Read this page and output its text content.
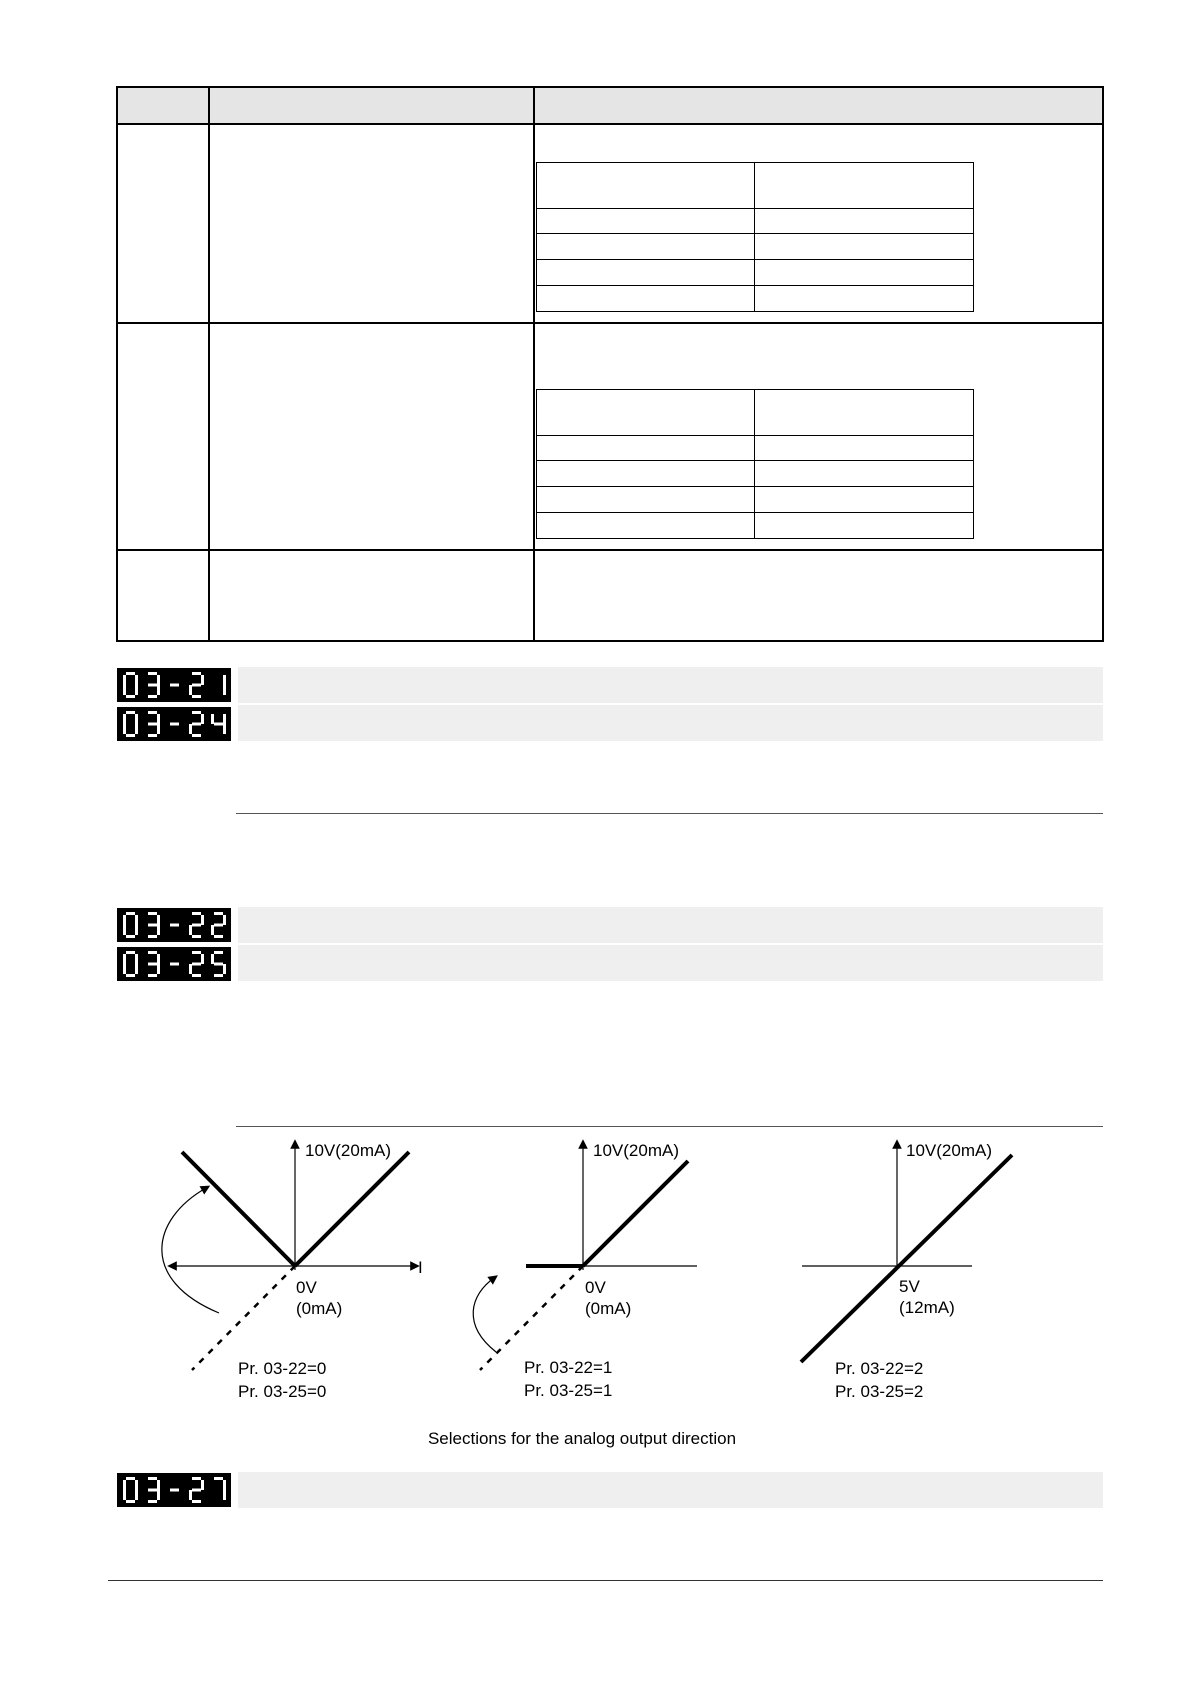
10V(20mA)
0V
(0mA)
I
Pr. 03-22=0
Pr. 03-25=0
10V(20mA)
0V
(0mA)
Pr. 03-22=1
Pr. 03-25=1
10V(20mA)
5V
(12mA)
Pr. 03-22=2
Pr. 03-25=2
Selections for the analog output direction
